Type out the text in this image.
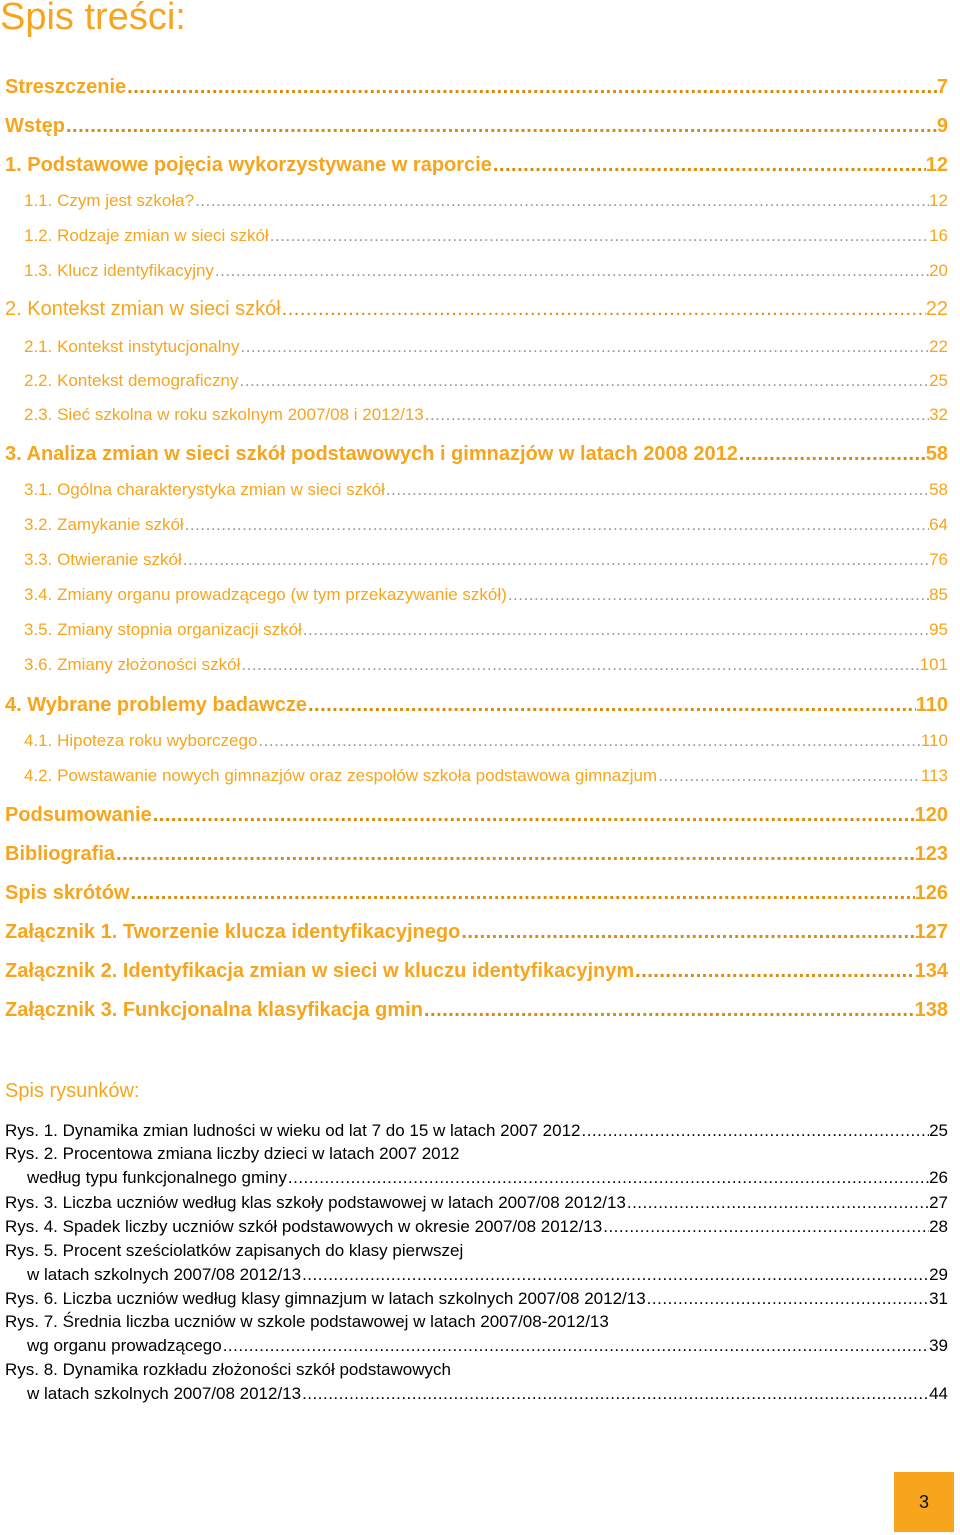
Spis treści:
Streszczenie .....	7
Wstęp .....	9
1. Podstawowe pojęcia wykorzystywane w raporcie .....	12
1.1. Czym jest szkoła? .....	12
1.2. Rodzaje zmian w sieci szkół .....	16
1.3. Klucz identyfikacyjny .....	20
2. Kontekst zmian w sieci szkół .....	22
2.1. Kontekst instytucjonalny .....	22
2.2. Kontekst demograficzny .....	25
2.3. Sieć szkolna w roku szkolnym 2007/08 i 2012/13 .....	32
3. Analiza zmian w sieci szkół podstawowych i gimnazjów w latach 2008 2012 .....	58
3.1. Ogólna charakterystyka zmian w sieci szkół .....	58
3.2. Zamykanie szkół .....	64
3.3. Otwieranie szkół .....	76
3.4. Zmiany organu prowadzącego (w tym przekazywanie szkół) .....	85
3.5. Zmiany stopnia organizacji szkół .....	95
3.6. Zmiany złożoności szkół .....	101
4. Wybrane problemy badawcze .....	110
4.1. Hipoteza roku wyborczego .....	110
4.2. Powstawanie nowych gimnazjów oraz zespołów szkoła podstawowa gimnazjum .....	113
Podsumowanie .....	120
Bibliografia .....	123
Spis skrótów .....	126
Załącznik 1. Tworzenie klucza identyfikacyjnego .....	127
Załącznik 2. Identyfikacja zmian w sieci w kluczu identyfikacyjnym .....	134
Załącznik 3. Funkcjonalna klasyfikacja gmin .....	138
Spis rysunków:
Rys. 1. Dynamika zmian ludności w wieku od lat 7 do 15 w latach 2007 2012 .....	25
Rys. 2. Procentowa zmiana liczby dzieci w latach 2007 2012
według typu funkcjonalnego gminy .....	26
Rys. 3. Liczba uczniów według klas szkoły podstawowej w latach 2007/08 2012/13 .....	27
Rys. 4. Spadek liczby uczniów szkół podstawowych w okresie 2007/08 2012/13 .....	28
Rys. 5. Procent sześciolatków zapisanych do klasy pierwszej
w latach szkolnych 2007/08 2012/13 .....	29
Rys. 6. Liczba uczniów według klasy gimnazjum w latach szkolnych 2007/08 2012/13 .....	31
Rys. 7. Średnia liczba uczniów w szkole podstawowej w latach 2007/08-2012/13
wg organu prowadzącego .....	39
Rys. 8. Dynamika rozkładu złożoności szkół podstawowych
w latach szkolnych 2007/08 2012/13 .....	44
3
